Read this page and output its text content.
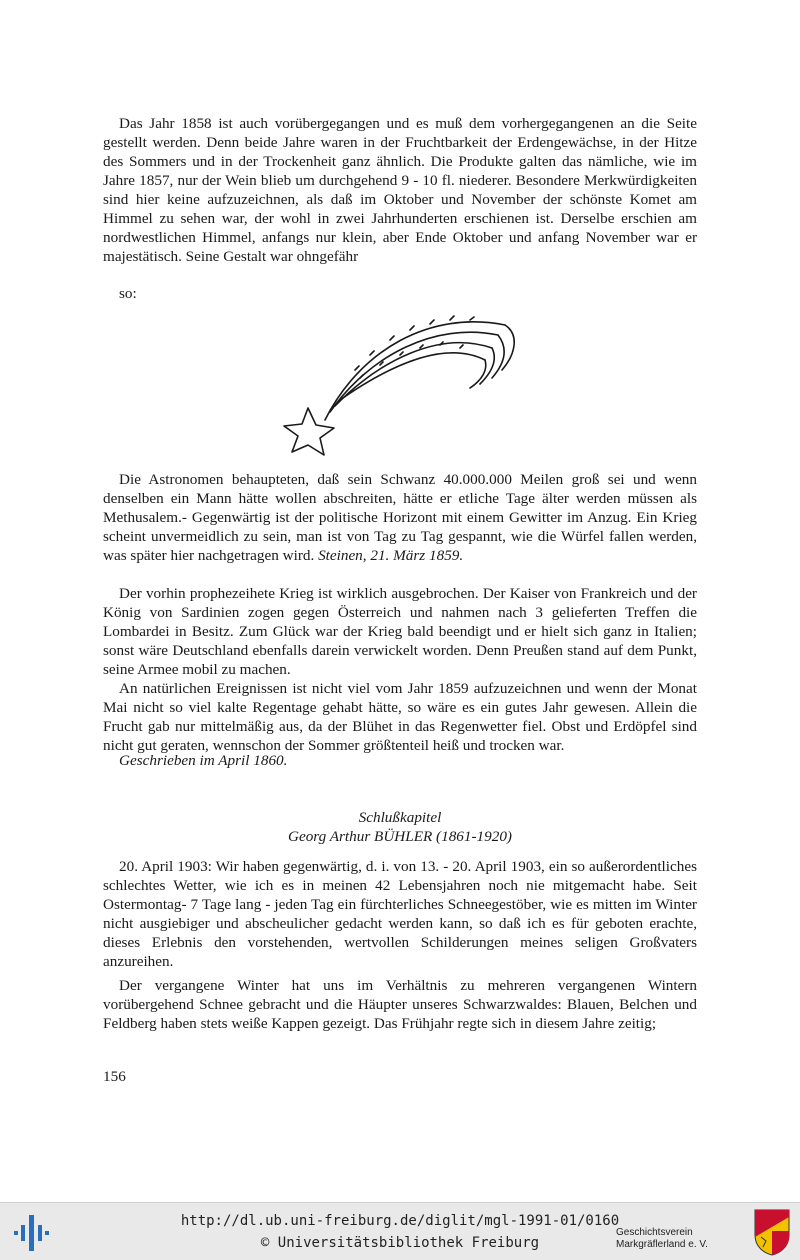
Das Jahr 1858 ist auch vorübergegangen und es muß dem vorhergegangenen an die Seite gestellt werden. Denn beide Jahre waren in der Fruchtbarkeit der Erdengewächse, in der Hitze des Sommers und in der Trockenheit ganz ähnlich. Die Produkte galten das nämliche, wie im Jahre 1857, nur der Wein blieb um durchgehend 9 - 10 fl. niederer. Besondere Merkwürdigkeiten sind hier keine aufzuzeichnen, als daß im Oktober und November der schönste Komet am Himmel zu sehen war, der wohl in zwei Jahrhunderten erschienen ist. Derselbe erschien am nordwestlichen Himmel, anfangs nur klein, aber Ende Oktober und anfang November war er majestätisch. Seine Gestalt war ohngefähr

so:

Die Astronomen behaupteten, daß sein Schwanz 40.000.000 Meilen groß sei und wenn denselben ein Mann hätte wollen abschreiten, hätte er etliche Tage älter werden müssen als Methusalem.- Gegenwärtig ist der politische Horizont mit einem Gewitter im Anzug. Ein Krieg scheint unvermeidlich zu sein, man ist von Tag zu Tag gespannt, wie die Würfel fallen werden, was später hier nachgetragen wird. Steinen, 21. März 1859.

Der vorhin prophezeihete Krieg ist wirklich ausgebrochen. Der Kaiser von Frankreich und der König von Sardinien zogen gegen Österreich und nahmen nach 3 gelieferten Treffen die Lombardei in Besitz. Zum Glück war der Krieg bald beendigt und er hielt sich ganz in Italien; sonst wäre Deutschland ebenfalls darein verwickelt worden. Denn Preußen stand auf dem Punkt, seine Armee mobil zu machen.

An natürlichen Ereignissen ist nicht viel vom Jahr 1859 aufzuzeichnen und wenn der Monat Mai nicht so viel kalte Regentage gehabt hätte, so wäre es ein gutes Jahr gewesen. Allein die Frucht gab nur mittelmäßig aus, da der Blühet in das Regenwetter fiel. Obst und Erdöpfel sind nicht gut geraten, wennschon der Sommer größtenteil heiß und trocken war.

Geschrieben im April 1860.

Schlußkapitel

Georg Arthur BÜHLER (1861-1920)

20. April 1903: Wir haben gegenwärtig, d. i. von 13. - 20. April 1903, ein so außerordentliches schlechtes Wetter, wie ich es in meinen 42 Lebensjahren noch nie mitgemacht habe. Seit Ostermontag- 7 Tage lang - jeden Tag ein fürchterliches Schneegestöber, wie es mitten im Winter nicht ausgiebiger und abscheulicher gedacht werden kann, so daß ich es für geboten erachte, dieses Erlebnis den vorstehenden, wertvollen Schilderungen meines seligen Großvaters anzureihen.

Der vergangene Winter hat uns im Verhältnis zu mehreren vergangenen Wintern vorübergehend Schnee gebracht und die Häupter unseres Schwarzwaldes: Blauen, Belchen und Feldberg haben stets weiße Kappen gezeigt. Das Frühjahr regte sich in diesem Jahre zeitig;

156
http://dl.ub.uni-freiburg.de/diglit/mgl-1991-01/0160
© Universitätsbibliothek Freiburg
Geschichtsverein
Markgräflerland e. V.
